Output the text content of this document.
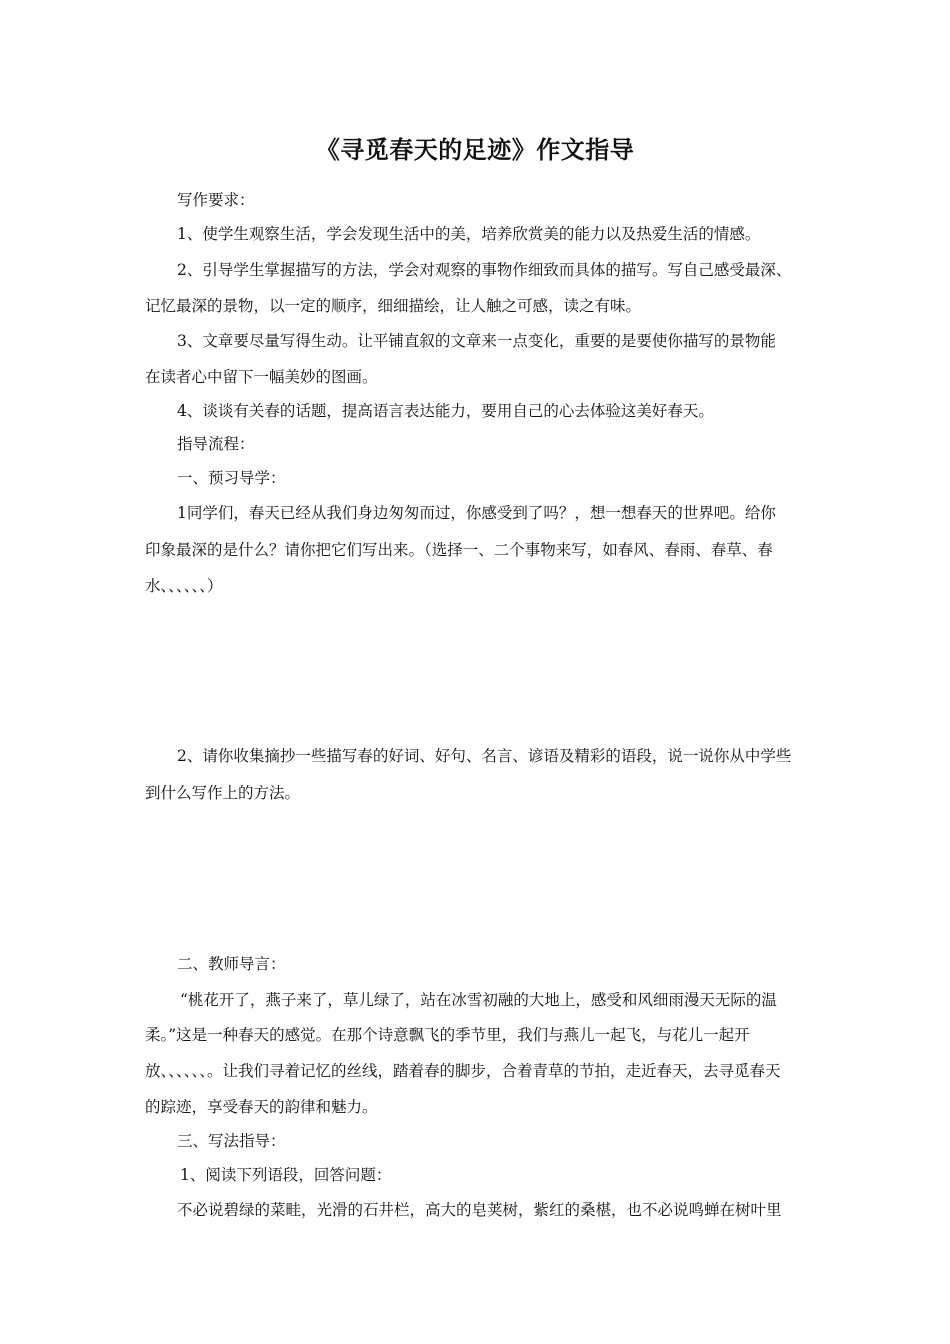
《寻觅春天的足迹》作文指导
写作要求：
1、使学生观察生活，学会发现生活中的美，培养欣赏美的能力以及热爱生活的情感。
2、引导学生掌握描写的方法，学会对观察的事物作细致而具体的描写。写自己感受最深、
记忆最深的景物，以一定的顺序，细细描绘，让人触之可感，读之有味。
3、文章要尽量写得生动。让平铺直叙的文章来一点变化，重要的是要使你描写的景物能
在读者心中留下一幅美妙的图画。
4、谈谈有关春的话题，提高语言表达能力，要用自己的心去体验这美好春天。
指导流程：
一、预习导学：
1同学们，春天已经从我们身边匆匆而过，你感受到了吗？，想一想春天的世界吧。给你
印象最深的是什么？请你把它们写出来。（选择一、二个事物来写，如春风、春雨、春草、春
水、、、、、、）
2、请你收集摘抄一些描写春的好词、好句、名言、谚语及精彩的语段，说一说你从中学些
到什么写作上的方法。
二、教师导言：
“桃花开了，燕子来了，草儿绿了，站在冰雪初融的大地上，感受和风细雨漫天无际的温
柔。”这是一种春天的感觉。在那个诗意飘飞的季节里，我们与燕儿一起飞，与花儿一起开
放、、、、、、。让我们寻着记忆的丝线，踏着春的脚步，合着青草的节拍，走近春天，去寻觅春天
的踪迹，享受春天的韵律和魅力。
三、写法指导：
1、阅读下列语段，回答问题：
不必说碧绿的菜畦，光滑的石井栏，高大的皂荚树，紫红的桑椹，也不必说鸣蝉在树叶里
